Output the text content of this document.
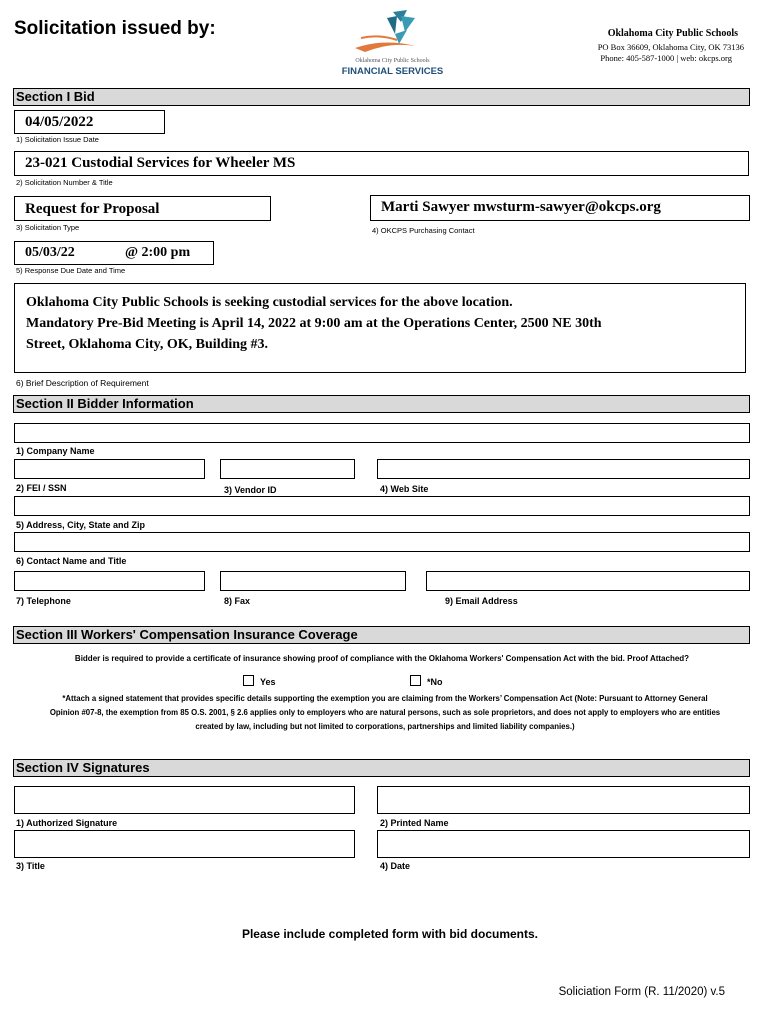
Solicitation issued by:
Oklahoma City Public Schools
FINANCIAL SERVICES
Oklahoma City Public Schools
PO Box 36609, Oklahoma City, OK 73136
Phone: 405-587-1000 | web: okcps.org
Section I Bid
04/05/2022
1) Solicitation Issue Date
23-021 Custodial Services for Wheeler MS
2) Solicitation Number & Title
Request for Proposal
3) Solicitation Type
Marti Sawyer mwsturm-sawyer@okcps.org
4) OKCPS Purchasing Contact
05/03/22	@ 2:00 pm
5) Response Due Date and Time
Oklahoma City Public Schools is seeking custodial services for the above location.
Mandatory Pre-Bid Meeting is April 14, 2022 at 9:00 am at the Operations Center, 2500 NE 30th
Street, Oklahoma City, OK, Building #3.
6) Brief Description of Requirement
Section II Bidder Information
1) Company Name
2) FEI / SSN	3) Vendor ID	4) Web Site
5) Address, City, State and Zip
6) Contact Name and Title
7) Telephone	8) Fax	9) Email Address
Section III Workers' Compensation Insurance Coverage
Bidder is required to provide a certificate of insurance showing proof of compliance with the Oklahoma Workers' Compensation Act with the bid. Proof Attached?
Yes	*No
*Attach a signed statement that provides specific details supporting the exemption you are claiming from the Workers’ Compensation Act (Note: Pursuant to Attorney General
Opinion #07-8, the exemption from 85 O.S. 2001, § 2.6 applies only to employers who are natural persons, such as sole proprietors, and does not apply to employers who are entities
created by law, including but not limited to corporations, partnerships and limited liability companies.)
Section IV Signatures
1) Authorized Signature	2) Printed Name
3) Title	4) Date
Please include completed form with bid documents.
Soliciation Form (R. 11/2020) v.5
